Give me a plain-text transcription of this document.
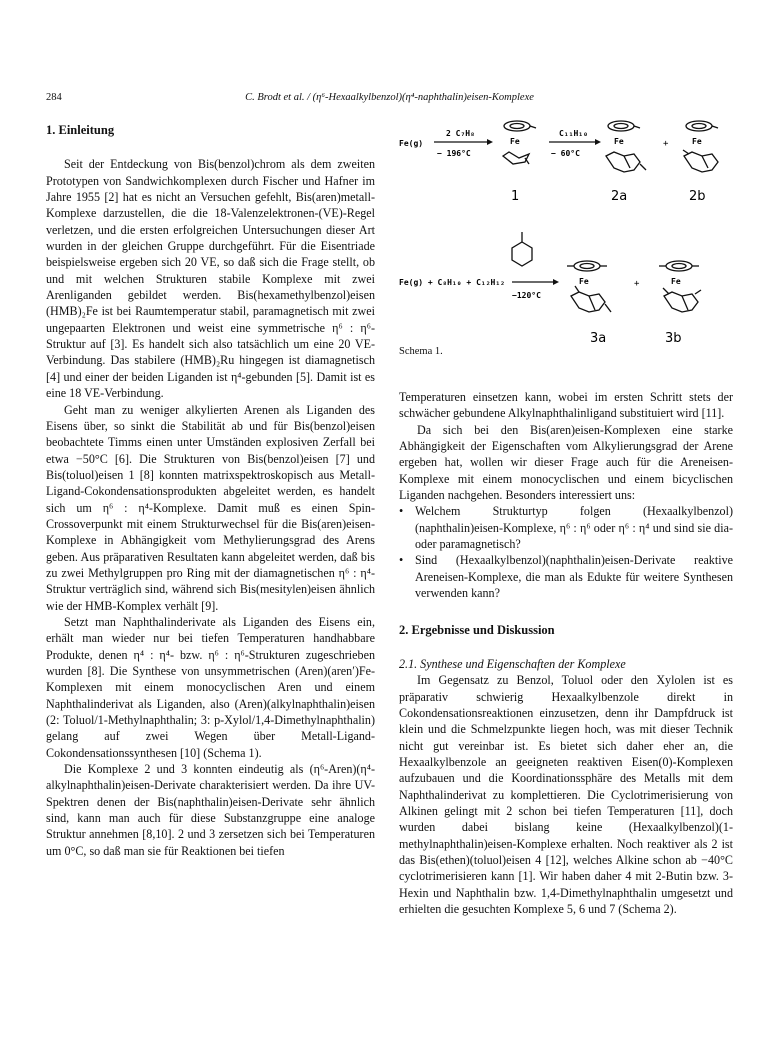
284	C. Brodt et al. / (η⁶-Hexaalkylbenzol)(η⁴-naphthalin)eisen-Komplexe
1. Einleitung

Seit der Entdeckung von Bis(benzol)chrom als dem zweiten Prototypen von Sandwichkomplexen durch Fischer und Hafner im Jahre 1955 [2] hat es nicht an Versuchen gefehlt, Bis(aren)metall-Komplexe darzustellen, die die 18-Valenzelektronen-(VE)-Regel verletzen, und die ersten erfolgreichen Untersuchungen dieser Art wurden in der gleichen Gruppe durchgeführt. Für die Eisentriade beispielsweise ergeben sich 20 VE, so daß sich die Frage stellt, ob und mit welchen Strukturen stabile Komplexe mit zwei Arenliganden gebildet werden. Bis(hexamethylbenzol)eisen (HMB)₂Fe ist bei Raumtemperatur stabil, paramagnetisch mit zwei ungepaarten Elektronen und weist eine symmetrische η⁶ : η⁶-Struktur auf [3]. Es handelt sich also tatsächlich um eine 20 VE-Verbindung. Das stabilere (HMB)₂Ru hingegen ist diamagnetisch [4] und einer der beiden Liganden ist η⁴-gebunden [5]. Damit ist es eine 18 VE-Verbindung.

Geht man zu weniger alkylierten Arenen als Liganden des Eisens über, so sinkt die Stabilität ab und für Bis(benzol)eisen beobachtete Timms einen unter Umständen explosiven Zerfall bei etwa −50°C [6]. Die Strukturen von Bis(benzol)eisen [7] und Bis(toluol)eisen 1 [8] konnten matrixspektroskopisch aus Metall-Ligand-Cokondensationsprodukten abgeleitet werden, es handelt sich um η⁶ : η⁴-Komplexe. Damit muß es einen Spin-Crossoverpunkt mit einem Strukturwechsel für die Bis(aren)eisen-Komplexe in Abhängigkeit vom Methylierungsgrad des Arens geben. Aus präparativen Resultaten kann abgeleitet werden, daß bis zu zwei Methylgruppen pro Ring mit der diamagnetischen η⁶ : η⁴-Struktur verträglich sind, während sich Bis(mesitylen)eisen ähnlich wie der HMB-Komplex verhält [9].

Setzt man Naphthalinderivate als Liganden des Eisens ein, erhält man wieder nur bei tiefen Temperaturen handhabbare Produkte, denen η⁴ : η⁴- bzw. η⁶ : η⁶-Strukturen zugeschrieben wurden [8]. Die Synthese von unsymmetrischen (Aren)(aren′)Fe-Komplexen mit einem monocyclischen Aren und einem Naphthalinderivat als Liganden, also (Aren)(alkylnaphthalin)eisen (2: Toluol/1-Methylnaphthalin; 3: p-Xylol/1,4-Dimethylnaphthalin) gelang auf zwei Wegen über Metall-Ligand-Cokondensationssynthesen [10] (Schema 1).

Die Komplexe 2 und 3 konnten eindeutig als (η⁶-Aren)(η⁴-alkylnaphthalin)eisen-Derivate charakterisiert werden. Da ihre UV-Spektren denen der Bis(naphthalin)eisen-Derivate sehr ähnlich sind, kann man auch für diese Substanzgruppe eine analoge Struktur annehmen [8,10]. 2 und 3 zersetzen sich bei Temperaturen um 0°C, so daß man sie für Reaktionen bei tiefen

Fe(g)
2 C₇H₈
− 196°C
Fe
C₁₁H₁₀
− 60°C
Fe	+	Fe
1	2a	2b
Fe(g) + C₈H₁₀ + C₁₂H₁₂
−120°C
Fe	+	Fe
3a	3b
Schema 1.

Temperaturen einsetzen kann, wobei im ersten Schritt stets der schwächer gebundene Alkylnaphthalinligand substituiert wird [11].

Da sich bei den Bis(aren)eisen-Komplexen eine starke Abhängigkeit der Eigenschaften vom Alkylierungsgrad der Arene ergeben hat, wollen wir dieser Frage auch für die Areneisen-Komplexe mit einem monocyclischen und einem bicyclischen Liganden nachgehen. Besonders interessiert uns:

• Welchem Strukturtyp folgen (Hexaalkylbenzol)(naphthalin)eisen-Komplexe, η⁶ : η⁶ oder η⁶ : η⁴ und sind sie dia- oder paramagnetisch?
• Sind (Hexaalkylbenzol)(naphthalin)eisen-Derivate reaktive Areneisen-Komplexe, die man als Edukte für weitere Synthesen verwenden kann?
2. Ergebnisse und Diskussion

2.1. Synthese und Eigenschaften der Komplexe

Im Gegensatz zu Benzol, Toluol oder den Xylolen ist es präparativ schwierig Hexaalkylbenzole direkt in Cokondensationsreaktionen einzusetzen, denn ihr Dampfdruck ist klein und die Schmelzpunkte liegen hoch, was mit dieser Technik nicht gut vereinbar ist. Es bietet sich daher eher an, die Hexaalkylbenzole an geeigneten reaktiven Eisen(0)-Komplexen aufzubauen und die Koordinationssphäre des Metalls mit dem Naphthalinderivat zu komplettieren. Die Cyclotrimerisierung von Alkinen gelingt mit 2 schon bei tiefen Temperaturen [11], doch wurden dabei bislang keine (Hexaalkylbenzol)(1-methylnaphthalin)eisen-Komplexe erhalten. Noch reaktiver als 2 ist das Bis(ethen)(toluol)eisen 4 [12], welches Alkine schon ab −40°C cyclotrimerisieren kann [1]. Wir haben daher 4 mit 2-Butin bzw. 3-Hexin und Naphthalin bzw. 1,4-Dimethylnaphthalin umgesetzt und erhielten die gesuchten Komplexe 5, 6 und 7 (Schema 2).
